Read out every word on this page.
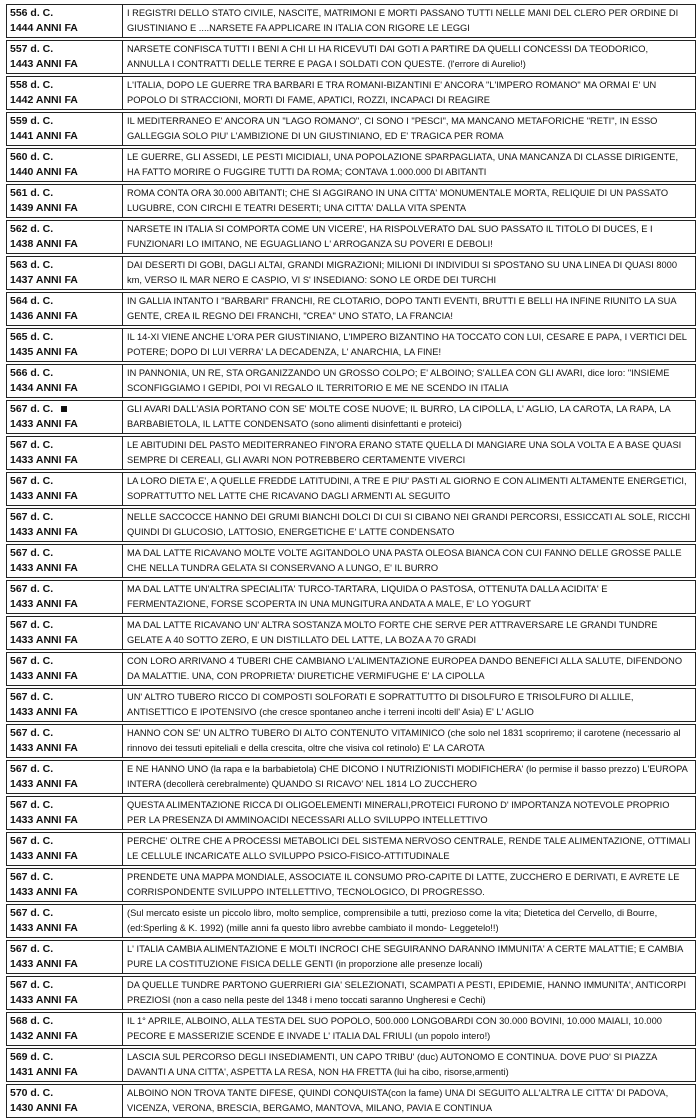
556 d. C.
1444 ANNI FA
I REGISTRI DELLO STATO CIVILE, NASCITE, MATRIMONI E MORTI PASSANO TUTTI NELLE MANI DEL CLERO PER ORDINE DI GIUSTINIANO E ....NARSETE FA APPLICARE IN ITALIA CON RIGORE LE LEGGI
557 d. C.
1443 ANNI FA
NARSETE CONFISCA TUTTI I BENI A CHI LI HA RICEVUTI DAI GOTI A PARTIRE DA QUELLI CONCESSI DA TEODORICO, ANNULLA I CONTRATTI DELLE TERRE E PAGA I SOLDATI CON QUESTE. (l'errore di Aurelio!)
558 d. C.
1442 ANNI FA
L'ITALIA, DOPO LE GUERRE TRA BARBARI E TRA ROMANI-BIZANTINI E' ANCORA "L'IMPERO ROMANO" MA ORMAI E' UN POPOLO DI STRACCIONI, MORTI DI FAME, APATICI, ROZZI, INCAPACI DI REAGIRE
559 d. C.
1441 ANNI FA
IL MEDITERRANEO E' ANCORA UN "LAGO ROMANO", CI SONO I "PESCI", MA MANCANO METAFORICHE "RETI", IN ESSO GALLEGGIA SOLO PIU' L'AMBIZIONE DI UN GIUSTINIANO, ED E' TRAGICA PER ROMA
560 d. C.
1440 ANNI FA
LE GUERRE, GLI ASSEDI, LE PESTI MICIDIALI, UNA POPOLAZIONE SPARPAGLIATA, UNA MANCANZA DI CLASSE DIRIGENTE, HA FATTO MORIRE O FUGGIRE TUTTI DA ROMA; CONTAVA 1.000.000 DI ABITANTI
561 d. C.
1439 ANNI FA
ROMA CONTA ORA 30.000 ABITANTI; CHE SI AGGIRANO IN UNA CITTA' MONUMENTALE MORTA, RELIQUIE DI UN PASSATO LUGUBRE, CON CIRCHI E TEATRI DESERTI; UNA CITTA' DALLA VITA SPENTA
562 d. C.
1438 ANNI FA
NARSETE IN ITALIA SI COMPORTA COME UN VICERE', HA RISPOLVERATO DAL SUO PASSATO IL TITOLO DI DUCES, E I FUNZIONARI LO IMITANO, NE EGUAGLIANO L' ARROGANZA SU POVERI E DEBOLI!
563 d. C.
1437 ANNI FA
DAI DESERTI DI GOBI, DAGLI ALTAI, GRANDI MIGRAZIONI; MILIONI DI INDIVIDUI SI SPOSTANO SU UNA LINEA DI QUASI 8000 km, VERSO IL MAR NERO E CASPIO, VI S' INSEDIANO: SONO LE ORDE DEI TURCHI
564 d. C.
1436 ANNI FA
IN GALLIA INTANTO I "BARBARI" FRANCHI, RE CLOTARIO, DOPO TANTI EVENTI, BRUTTI E BELLI HA INFINE RIUNITO LA SUA GENTE, CREA IL REGNO DEI FRANCHI, "CREA" UNO STATO, LA FRANCIA!
565 d. C.
1435 ANNI FA
IL 14-XI VIENE ANCHE L'ORA PER GIUSTINIANO, L'IMPERO BIZANTINO HA TOCCATO CON LUI, CESARE E PAPA, I VERTICI DEL POTERE; DOPO DI LUI VERRA' LA DECADENZA, L' ANARCHIA, LA FINE!
566 d. C.
1434 ANNI FA
IN PANNONIA, UN RE, STA ORGANIZZANDO UN GROSSO COLPO; E' ALBOINO; S'ALLEA CON GLI AVARI, dice loro: "INSIEME SCONFIGGIAMO I GEPIDI, POI VI REGALO IL TERRITORIO E ME NE SCENDO IN ITALIA
567 d. C.
1433 ANNI FA
GLI AVARI DALL'ASIA PORTANO CON SE' MOLTE COSE NUOVE; IL BURRO, LA CIPOLLA, L' AGLIO, LA CAROTA, LA RAPA, LA BARBABIETOLA, IL LATTE CONDENSATO (sono alimenti disinfettanti e proteici)
567 d. C.
1433 ANNI FA
LE ABITUDINI DEL PASTO MEDITERRANEO FIN'ORA ERANO STATE QUELLA DI MANGIARE UNA SOLA VOLTA E A BASE QUASI SEMPRE DI CEREALI, GLI AVARI NON POTREBBERO CERTAMENTE VIVERCI
567 d. C.
1433 ANNI FA
LA LORO DIETA E', A QUELLE FREDDE LATITUDINI, A TRE E PIU' PASTI AL GIORNO E CON ALIMENTI ALTAMENTE ENERGETICI, SOPRATTUTTO NEL LATTE CHE RICAVANO DAGLI ARMENTI AL SEGUITO
567 d. C.
1433 ANNI FA
NELLE SACCOCCE HANNO DEI GRUMI BIANCHI DOLCI DI CUI SI CIBANO NEI GRANDI PERCORSI, ESSICCATI AL SOLE, RICCHI QUINDI DI GLUCOSIO, LATTOSIO, ENERGETICHE E' LATTE CONDENSATO
567 d. C.
1433 ANNI FA
MA DAL LATTE RICAVANO MOLTE VOLTE AGITANDOLO UNA PASTA OLEOSA BIANCA CON CUI FANNO DELLE GROSSE PALLE CHE NELLA TUNDRA GELATA SI CONSERVANO A LUNGO, E' IL BURRO
567 d. C.
1433 ANNI FA
MA DAL LATTE UN'ALTRA SPECIALITA' TURCO-TARTARA, LIQUIDA O PASTOSA, OTTENUTA DALLA ACIDITA' E FERMENTAZIONE, FORSE SCOPERTA IN UNA MUNGITURA ANDATA A MALE, E' LO YOGURT
567 d. C.
1433 ANNI FA
MA DAL LATTE RICAVANO UN' ALTRA SOSTANZA MOLTO FORTE CHE SERVE PER ATTRAVERSARE LE GRANDI TUNDRE GELATE A 40 SOTTO ZERO, E UN DISTILLATO DEL LATTE, LA BOZA A 70 GRADI
567 d. C.
1433 ANNI FA
CON LORO ARRIVANO 4 TUBERI CHE CAMBIANO L'ALIMENTAZIONE EUROPEA DANDO BENEFICI ALLA SALUTE, DIFENDONO DA MALATTIE. UNA, CON PROPRIETA' DIURETICHE VERMIFUGHE E' LA CIPOLLA
567 d. C.
1433 ANNI FA
UN' ALTRO TUBERO RICCO DI COMPOSTI SOLFORATI E SOPRATTUTTO DI DISOLFURO E TRISOLFURO DI ALLILE, ANTISETTICO E IPOTENSIVO (che cresce spontaneo anche i terreni incolti dell' Asia) E' L' AGLIO
567 d. C.
1433 ANNI FA
HANNO CON SE' UN ALTRO TUBERO DI ALTO CONTENUTO VITAMINICO (che solo nel 1831 scopriremo; il carotene (necessario al rinnovo dei tessuti epiteliali e della crescita, oltre che visiva col retinolo) E' LA CAROTA
567 d. C.
1433 ANNI FA
E NE HANNO UNO (la rapa e la barbabietola) CHE DICONO I NUTRIZIONISTI MODIFICHERA' (lo permise il basso prezzo) L'EUROPA INTERA (decollerà cerebralmente) QUANDO SI RICAVO' NEL 1814 LO ZUCCHERO
567 d. C.
1433 ANNI FA
QUESTA ALIMENTAZIONE RICCA DI OLIGOELEMENTI MINERALI,PROTEICI FURONO D' IMPORTANZA NOTEVOLE PROPRIO PER LA PRESENZA DI AMMINOACIDI NECESSARI ALLO SVILUPPO INTELLETTIVO
567 d. C.
1433 ANNI FA
PERCHE' OLTRE CHE A PROCESSI METABOLICI DEL SISTEMA NERVOSO CENTRALE, RENDE TALE ALIMENTAZIONE, OTTIMALI LE CELLULE INCARICATE ALLO SVILUPPO PSICO-FISICO-ATTITUDINALE
567 d. C.
1433 ANNI FA
PRENDETE UNA MAPPA MONDIALE, ASSOCIATE IL CONSUMO PRO-CAPITE DI LATTE, ZUCCHERO E DERIVATI, E AVRETE LE CORRISPONDENTE SVILUPPO INTELLETTIVO, TECNOLOGICO, DI PROGRESSO.
567 d. C.
1433 ANNI FA
(Sul mercato esiste un piccolo libro, molto semplice, comprensibile a tutti, prezioso come la vita; Dietetica del Cervello, di Bourre, (ed:Sperling & K. 1992) (mille anni fa questo libro avrebbe cambiato il mondo- Leggetelo!!)
567 d. C.
1433 ANNI FA
L' ITALIA CAMBIA ALIMENTAZIONE E MOLTI INCROCI CHE SEGUIRANNO DARANNO IMMUNITA' A CERTE MALATTIE; E CAMBIA PURE LA COSTITUZIONE FISICA DELLE GENTI (in proporzione alle presenze locali)
567 d. C.
1433 ANNI FA
DA QUELLE TUNDRE PARTONO GUERRIERI GIA' SELEZIONATI, SCAMPATI A PESTI, EPIDEMIE, HANNO IMMUNITA', ANTICORPI PREZIOSI (non a caso nella peste del 1348 i meno toccati saranno Ungheresi e Cechi)
568 d. C.
1432 ANNI FA
IL 1° APRILE, ALBOINO, ALLA TESTA DEL SUO POPOLO, 500.000 LONGOBARDI CON 30.000 BOVINI, 10.000 MAIALI, 10.000 PECORE E MASSERIZIE SCENDE E INVADE L' ITALIA DAL FRIULI (un popolo intero!)
569 d. C.
1431 ANNI FA
LASCIA SUL PERCORSO DEGLI INSEDIAMENTI, UN CAPO TRIBU' (duc) AUTONOMO E CONTINUA. DOVE PUO' SI PIAZZA DAVANTI A UNA CITTA', ASPETTA LA RESA, NON HA FRETTA (lui ha cibo, risorse,armenti)
570 d. C.
1430 ANNI FA
ALBOINO NON TROVA TANTE DIFESE, QUINDI CONQUISTA(con la fame) UNA DI SEGUITO ALL'ALTRA LE CITTA' DI PADOVA, VICENZA, VERONA, BRESCIA, BERGAMO, MANTOVA, MILANO, PAVIA E CONTINUA
